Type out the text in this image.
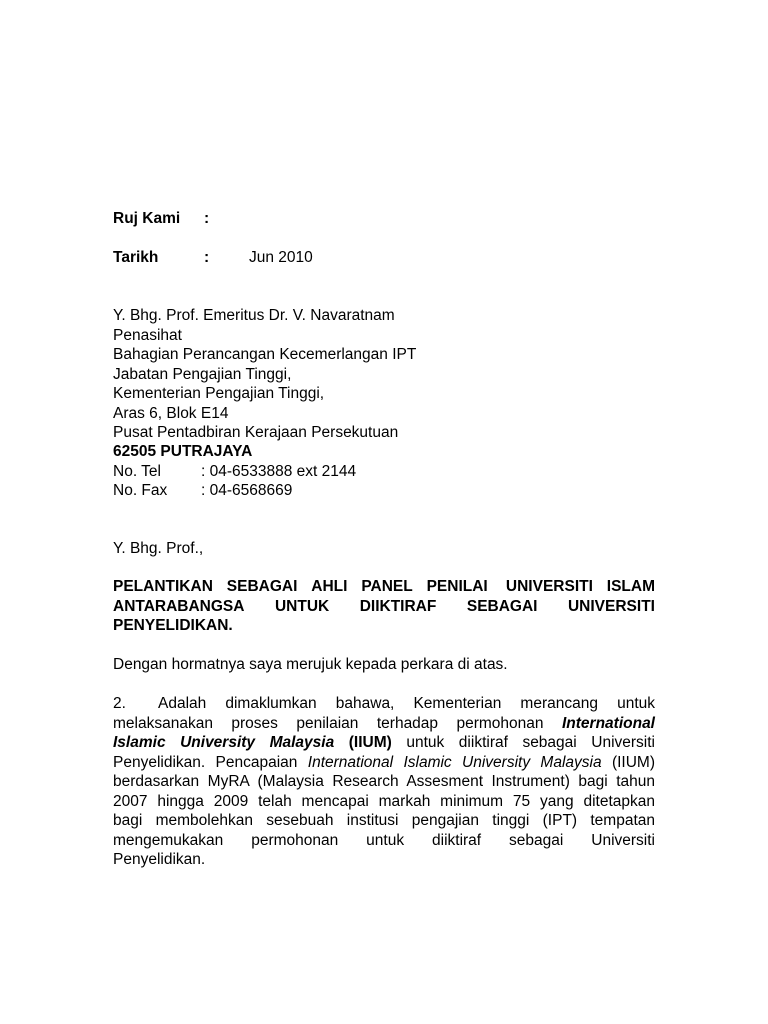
Ruj Kami :
Tarikh	:	Jun 2010
Y. Bhg. Prof. Emeritus Dr. V. Navaratnam
Penasihat
Bahagian Perancangan Kecemerlangan IPT
Jabatan Pengajian Tinggi,
Kementerian Pengajian Tinggi,
Aras 6, Blok E14
Pusat Pentadbiran Kerajaan Persekutuan
62505 PUTRAJAYA
No. Tel	: 04-6533888 ext 2144
No. Fax : 04-6568669
Y. Bhg. Prof.,
PELANTIKAN SEBAGAI AHLI PANEL PENILAI UNIVERSITI ISLAM
ANTARABANGSA UNTUK DIIKTIRAF SEBAGAI UNIVERSITI
PENYELIDIKAN.
Dengan hormatnya saya merujuk kepada perkara di atas.
2.	Adalah dimaklumkan bahawa, Kementerian merancang untuk
melaksanakan proses penilaian terhadap permohonan International
Islamic University Malaysia (IIUM) untuk diiktiraf sebagai Universiti
Penyelidikan. Pencapaian International Islamic University Malaysia (IIUM)
berdasarkan MyRA (Malaysia Research Assesment Instrument) bagi tahun
2007 hingga 2009 telah mencapai markah minimum 75 yang ditetapkan
bagi membolehkan sesebuah institusi pengajian tinggi (IPT) tempatan
mengemukakan permohonan untuk diiktiraf sebagai Universiti
Penyelidikan.
